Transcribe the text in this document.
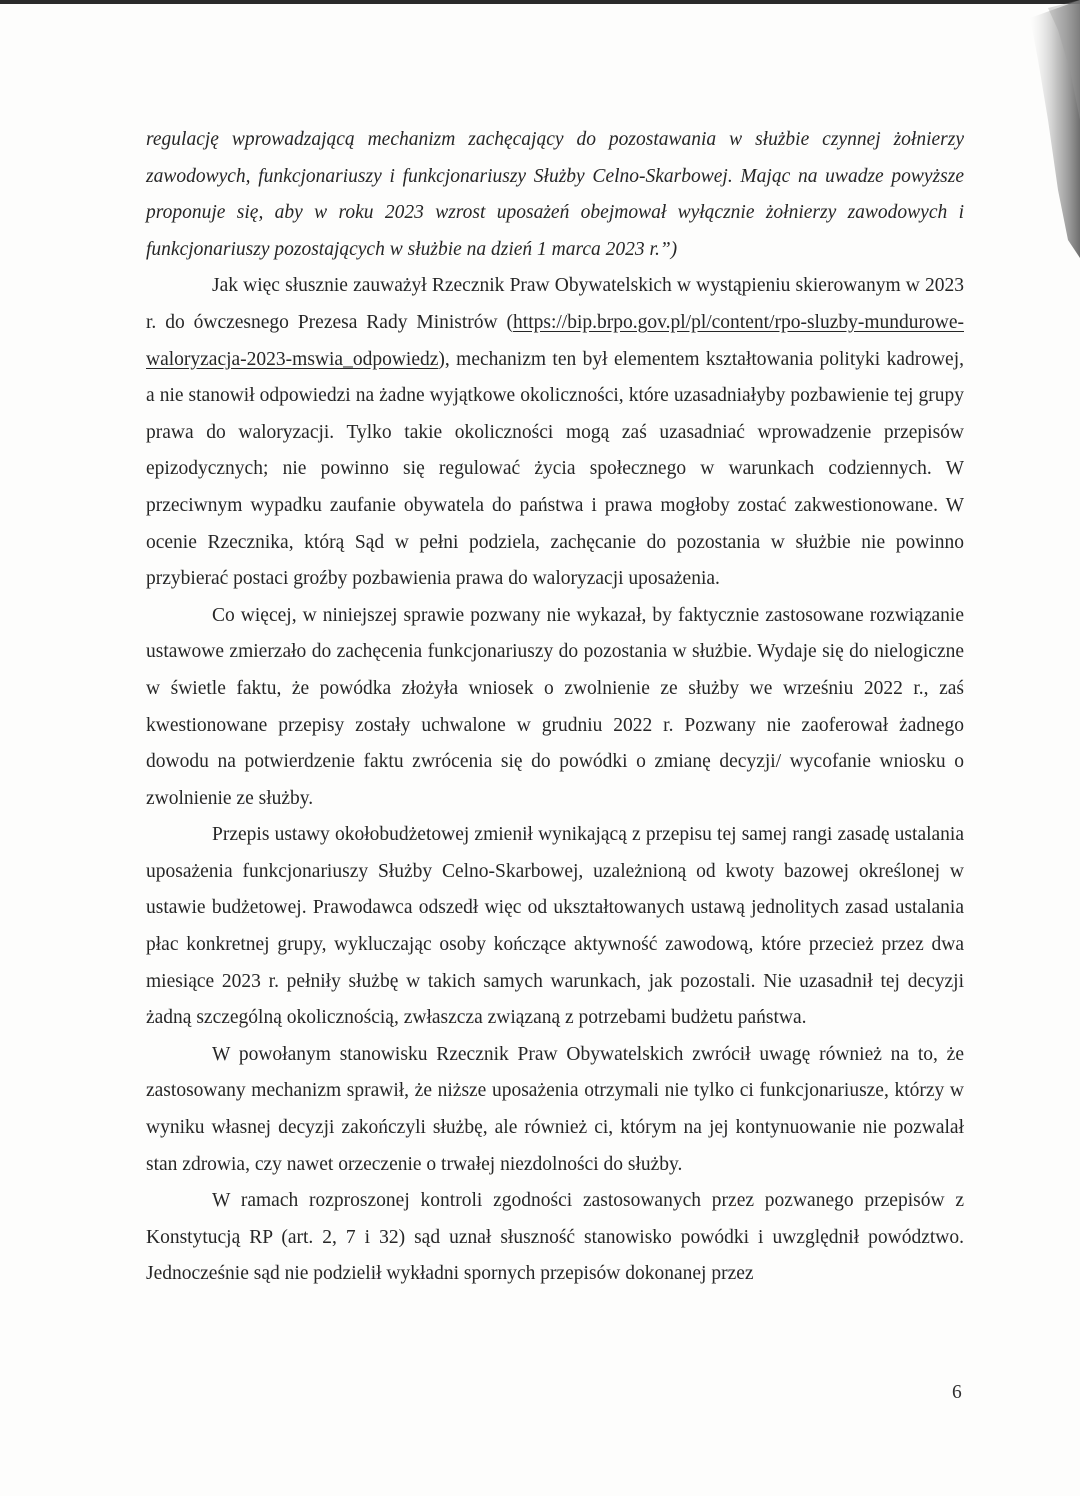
regulację wprowadzającą mechanizm zachęcający do pozostawania w służbie czynnej żołnierzy zawodowych, funkcjonariuszy i funkcjonariuszy Służby Celno-Skarbowej. Mając na uwadze powyższe proponuje się, aby w roku 2023 wzrost uposażeń obejmował wyłącznie żołnierzy zawodowych i funkcjonariuszy pozostających w służbie na dzień 1 marca 2023 r.”)

Jak więc słusznie zauważył Rzecznik Praw Obywatelskich w wystąpieniu skierowanym w 2023 r. do ówczesnego Prezesa Rady Ministrów (https://bip.brpo.gov.pl/pl/content/rpo-sluzby-mundurowe-waloryzacja-2023-mswia_odpowiedz), mechanizm ten był elementem kształtowania polityki kadrowej, a nie stanowił odpowiedzi na żadne wyjątkowe okoliczności, które uzasadniałyby pozbawienie tej grupy prawa do waloryzacji. Tylko takie okoliczności mogą zaś uzasadniać wprowadzenie przepisów epizodycznych; nie powinno się regulować życia społecznego w warunkach codziennych. W przeciwnym wypadku zaufanie obywatela do państwa i prawa mogłoby zostać zakwestionowane. W ocenie Rzecznika, którą Sąd w pełni podziela, zachęcanie do pozostania w służbie nie powinno przybierać postaci groźby pozbawienia prawa do waloryzacji uposażenia.

Co więcej, w niniejszej sprawie pozwany nie wykazał, by faktycznie zastosowane rozwiązanie ustawowe zmierzało do zachęcenia funkcjonariuszy do pozostania w służbie. Wydaje się do nielogiczne w świetle faktu, że powódka złożyła wniosek o zwolnienie ze służby we wrześniu 2022 r., zaś kwestionowane przepisy zostały uchwalone w grudniu 2022 r. Pozwany nie zaoferował żadnego dowodu na potwierdzenie faktu zwrócenia się do powódki o zmianę decyzji/ wycofanie wniosku o zwolnienie ze służby.

Przepis ustawy okołobudżetowej zmienił wynikającą z przepisu tej samej rangi zasadę ustalania uposażenia funkcjonariuszy Służby Celno-Skarbowej, uzależnioną od kwoty bazowej określonej w ustawie budżetowej. Prawodawca odszedł więc od ukształtowanych ustawą jednolitych zasad ustalania płac konkretnej grupy, wykluczając osoby kończące aktywność zawodową, które przecież przez dwa miesiące 2023 r. pełniły służbę w takich samych warunkach, jak pozostali. Nie uzasadnił tej decyzji żadną szczególną okolicznością, zwłaszcza związaną z potrzebami budżetu państwa.

W powołanym stanowisku Rzecznik Praw Obywatelskich zwrócił uwagę również na to, że zastosowany mechanizm sprawił, że niższe uposażenia otrzymali nie tylko ci funkcjonariusze, którzy w wyniku własnej decyzji zakończyli służbę, ale również ci, którym na jej kontynuowanie nie pozwalał stan zdrowia, czy nawet orzeczenie o trwałej niezdolności do służby.

W ramach rozproszonej kontroli zgodności zastosowanych przez pozwanego przepisów z Konstytucją RP (art. 2, 7 i 32) sąd uznał słuszność stanowisko powódki i uwzględnił powództwo. Jednocześnie sąd nie podzielił wykładni spornych przepisów dokonanej przez

6
